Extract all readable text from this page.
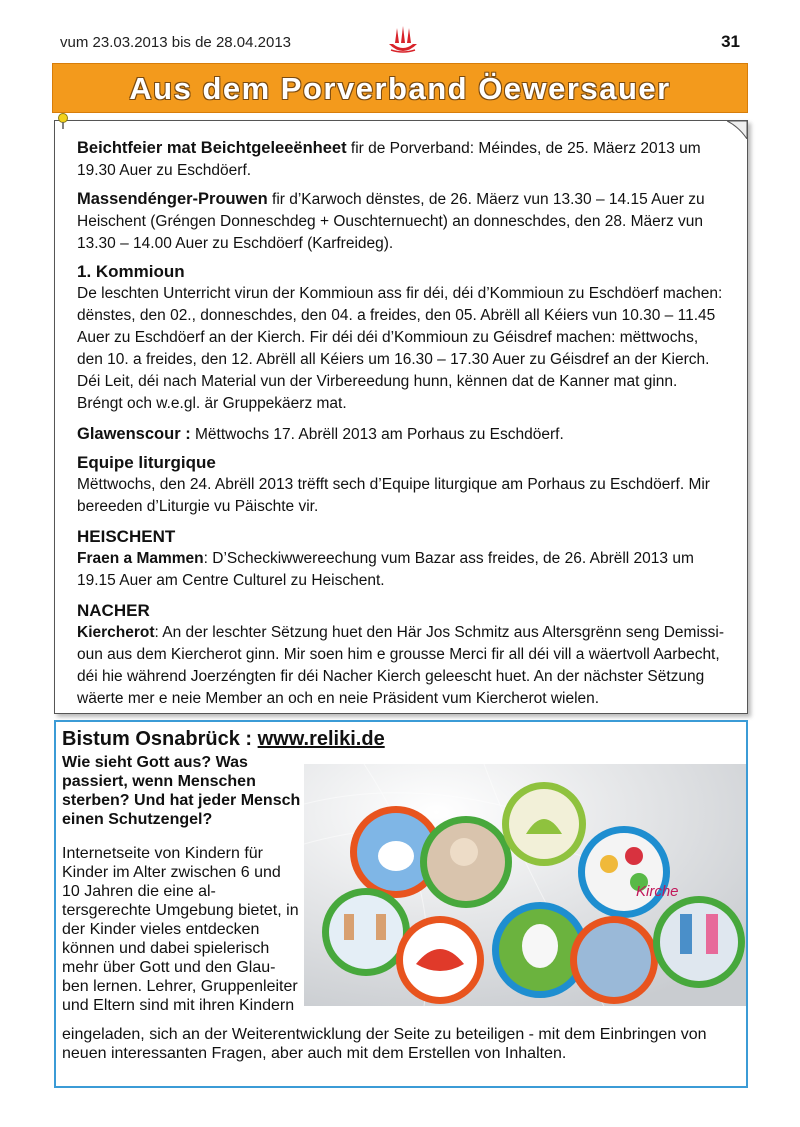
vum 23.03.2013 bis de 28.04.2013	31
Aus dem Porverband Öewersauer

Beichtfeier mat Beichtgeleeënheet fir de Porverband: Méindes, de 25. Mäerz 2013 um 19.30 Auer zu Eschdöerf.

Massendénger-Prouwen fir d’Karwoch dënstes, de 26. Mäerz vun 13.30 – 14.15 Auer zu Heischent (Gréngen Donneschdeg + Ouschternuecht) an donneschdes, den 28. Mäerz vun 13.30 – 14.00 Auer zu Eschdöerf (Karfreideg).

1. Kommioun
De leschten Unterricht virun der Kommioun ass fir déi, déi d’Kommioun zu Eschdöerf machen: dënstes, den 02., donneschdes, den 04. a freides, den 05. Abrëll all Kéiers vun 10.30 – 11.45 Auer zu Eschdöerf an der Kierch. Fir déi déi d’Kommioun zu Géisdref machen: mëttwochs, den 10. a freides, den 12. Abrëll all Kéiers um 16.30 – 17.30 Auer zu Géisdref an der Kierch. Déi Leit, déi nach Material vun der Virbereedung hunn, kënnen dat de Kanner mat ginn. Bréngt och w.e.gl. är Gruppekäerz mat.

Glawenscour : Mëttwochs 17. Abrëll 2013 am Porhaus zu Eschdöerf.

Equipe liturgique
Mëttwochs, den 24. Abrëll 2013 trëfft sech d’Equipe liturgique am Porhaus zu Eschdöerf. Mir bereeden d’Liturgie vu Päischte vir.
HEISCHENT
Fraen a Mammen: D’Scheckiwwereechung vum Bazar ass freides, de 26. Abrëll 2013 um 19.15 Auer am Centre Culturel zu Heischent.
NACHER
Kiercherot: An der leschter Sëtzung huet den Här Jos Schmitz aus Altersgrënn seng Demissi-oun aus dem Kiercherot ginn. Mir soen him e grousse Merci fir all déi vill a wäertvoll Aarbecht, déi hie während Joerzéngten fir déi Nacher Kierch geleescht huet. An der nächster Sëtzung wäerte mer e neie Member an och en neie Präsident vum Kiercherot wielen.
Bistum Osnabrück : www.reliki.de
Wie sieht Gott aus? Was passiert, wenn Menschen sterben? Und hat jeder Mensch einen Schutzengel?
Internetseite von Kindern für Kinder im Alter zwischen 6 und 10 Jahren die eine al-tersgerechte Umgebung bietet, in der Kinder vieles entdecken können und dabei spielerisch mehr über Gott und den Glau-ben lernen. Lehrer, Gruppenleiter und Eltern sind mit ihren Kindern
Kirche
eingeladen, sich an der Weiterentwicklung der Seite zu beteiligen - mit dem Einbringen von neuen interessanten Fragen, aber auch mit dem Erstellen von Inhalten.
